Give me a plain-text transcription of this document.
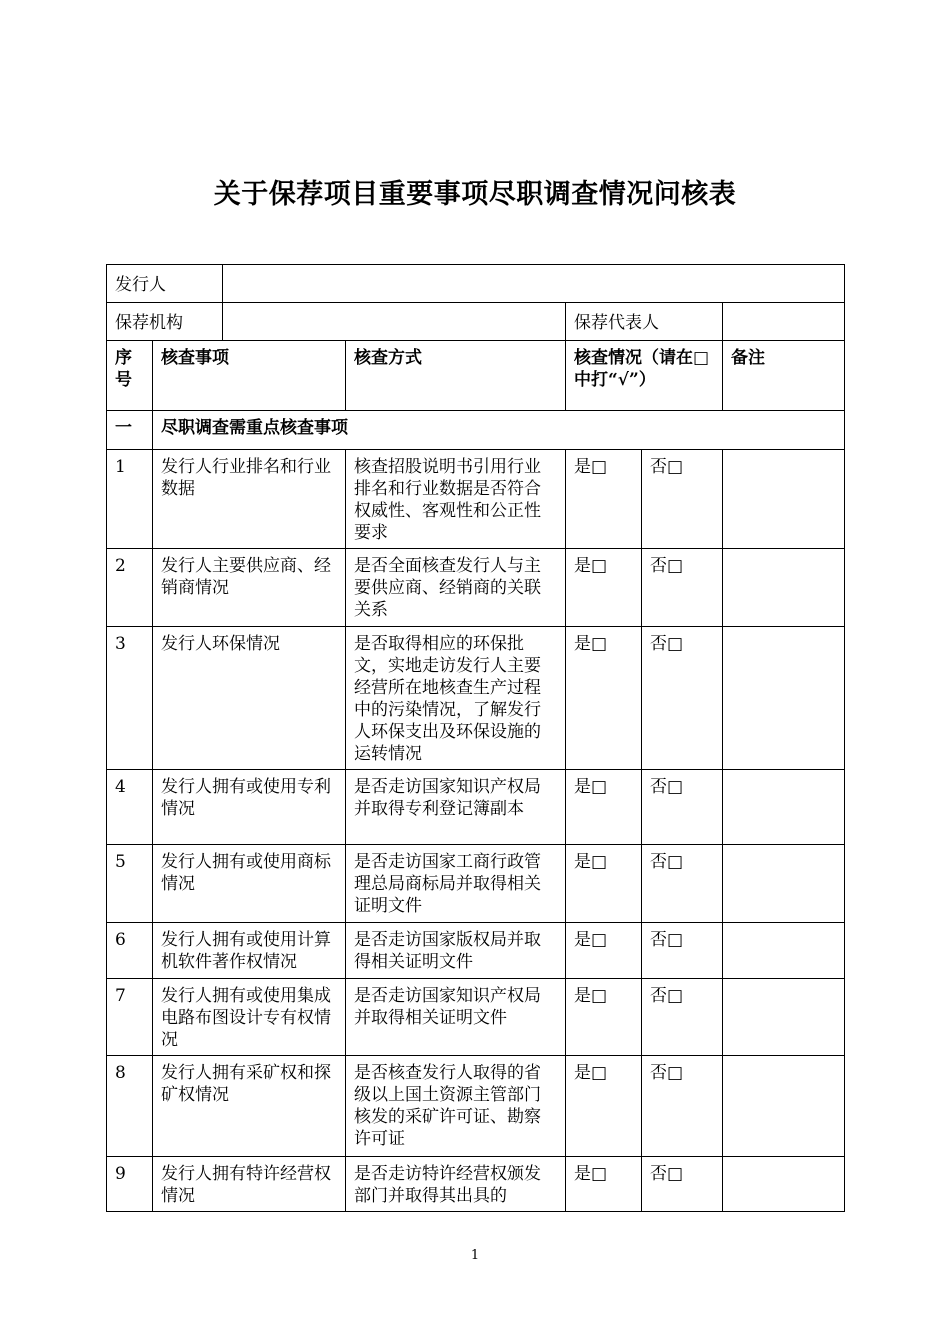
关于保荐项目重要事项尽职调查情况问核表
发行人						
保荐机构				保荐代表人		
序号	核查事项		核查方式	核查情况（请在□中打“√”）		备注
一	尽职调查需重点核查事项					
1	发行人行业排名和行业数据		核查招股说明书引用行业排名和行业数据是否符合权威性、客观性和公正性要求	是□	否□	
2	发行人主要供应商、经销商情况		是否全面核查发行人与主要供应商、经销商的关联关系	是□	否□	
3	发行人环保情况		是否取得相应的环保批文，实地走访发行人主要经营所在地核查生产过程中的污染情况，了解发行人环保支出及环保设施的运转情况	是□	否□	
4	发行人拥有或使用专利情况		是否走访国家知识产权局并取得专利登记簿副本	是□	否□	
5	发行人拥有或使用商标情况		是否走访国家工商行政管理总局商标局并取得相关证明文件	是□	否□	
6	发行人拥有或使用计算机软件著作权情况		是否走访国家版权局并取得相关证明文件	是□	否□	
7	发行人拥有或使用集成电路布图设计专有权情况		是否走访国家知识产权局并取得相关证明文件	是□	否□	
8	发行人拥有采矿权和探矿权情况		是否核查发行人取得的省级以上国土资源主管部门核发的采矿许可证、勘察许可证	是□	否□	
9	发行人拥有特许经营权情况		是否走访特许经营权颁发部门并取得其出具的	是□	否□	
1
